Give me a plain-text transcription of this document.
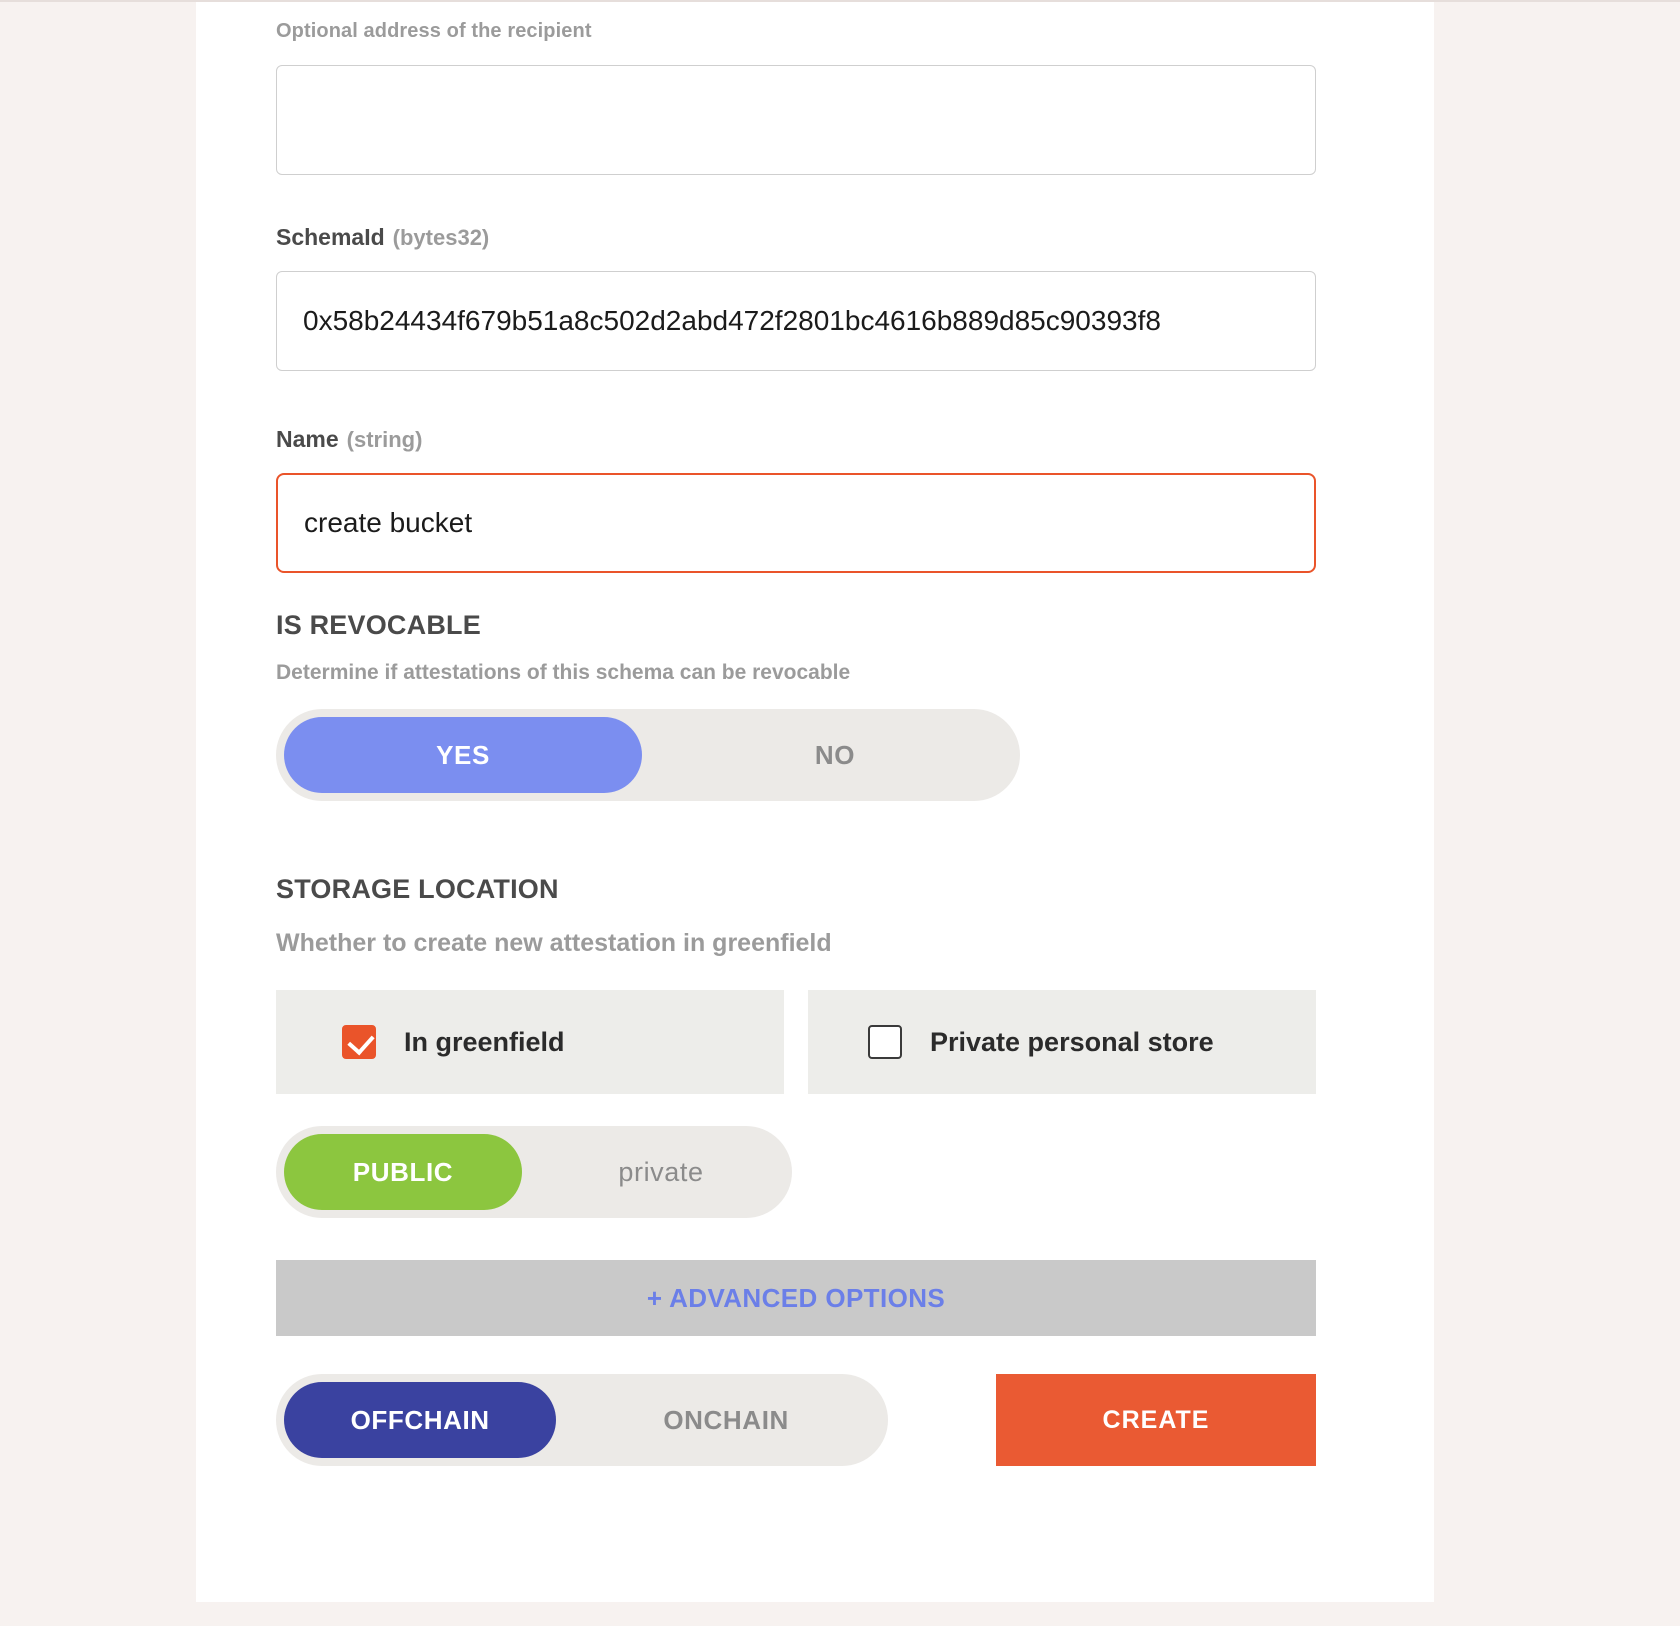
Optional address of the recipient

SchemaId (bytes32)

0x58b24434f679b51a8c502d2abd472f2801bc4616b889d85c90393f8

Name (string)

create bucket

IS REVOCABLE

Determine if attestations of this schema can be revocable

YES	NO

STORAGE LOCATION

Whether to create new attestation in greenfield

In greenfield	Private personal store
PUBLIC	private
+ ADVANCED OPTIONS
OFFCHAIN	ONCHAIN	CREATE
